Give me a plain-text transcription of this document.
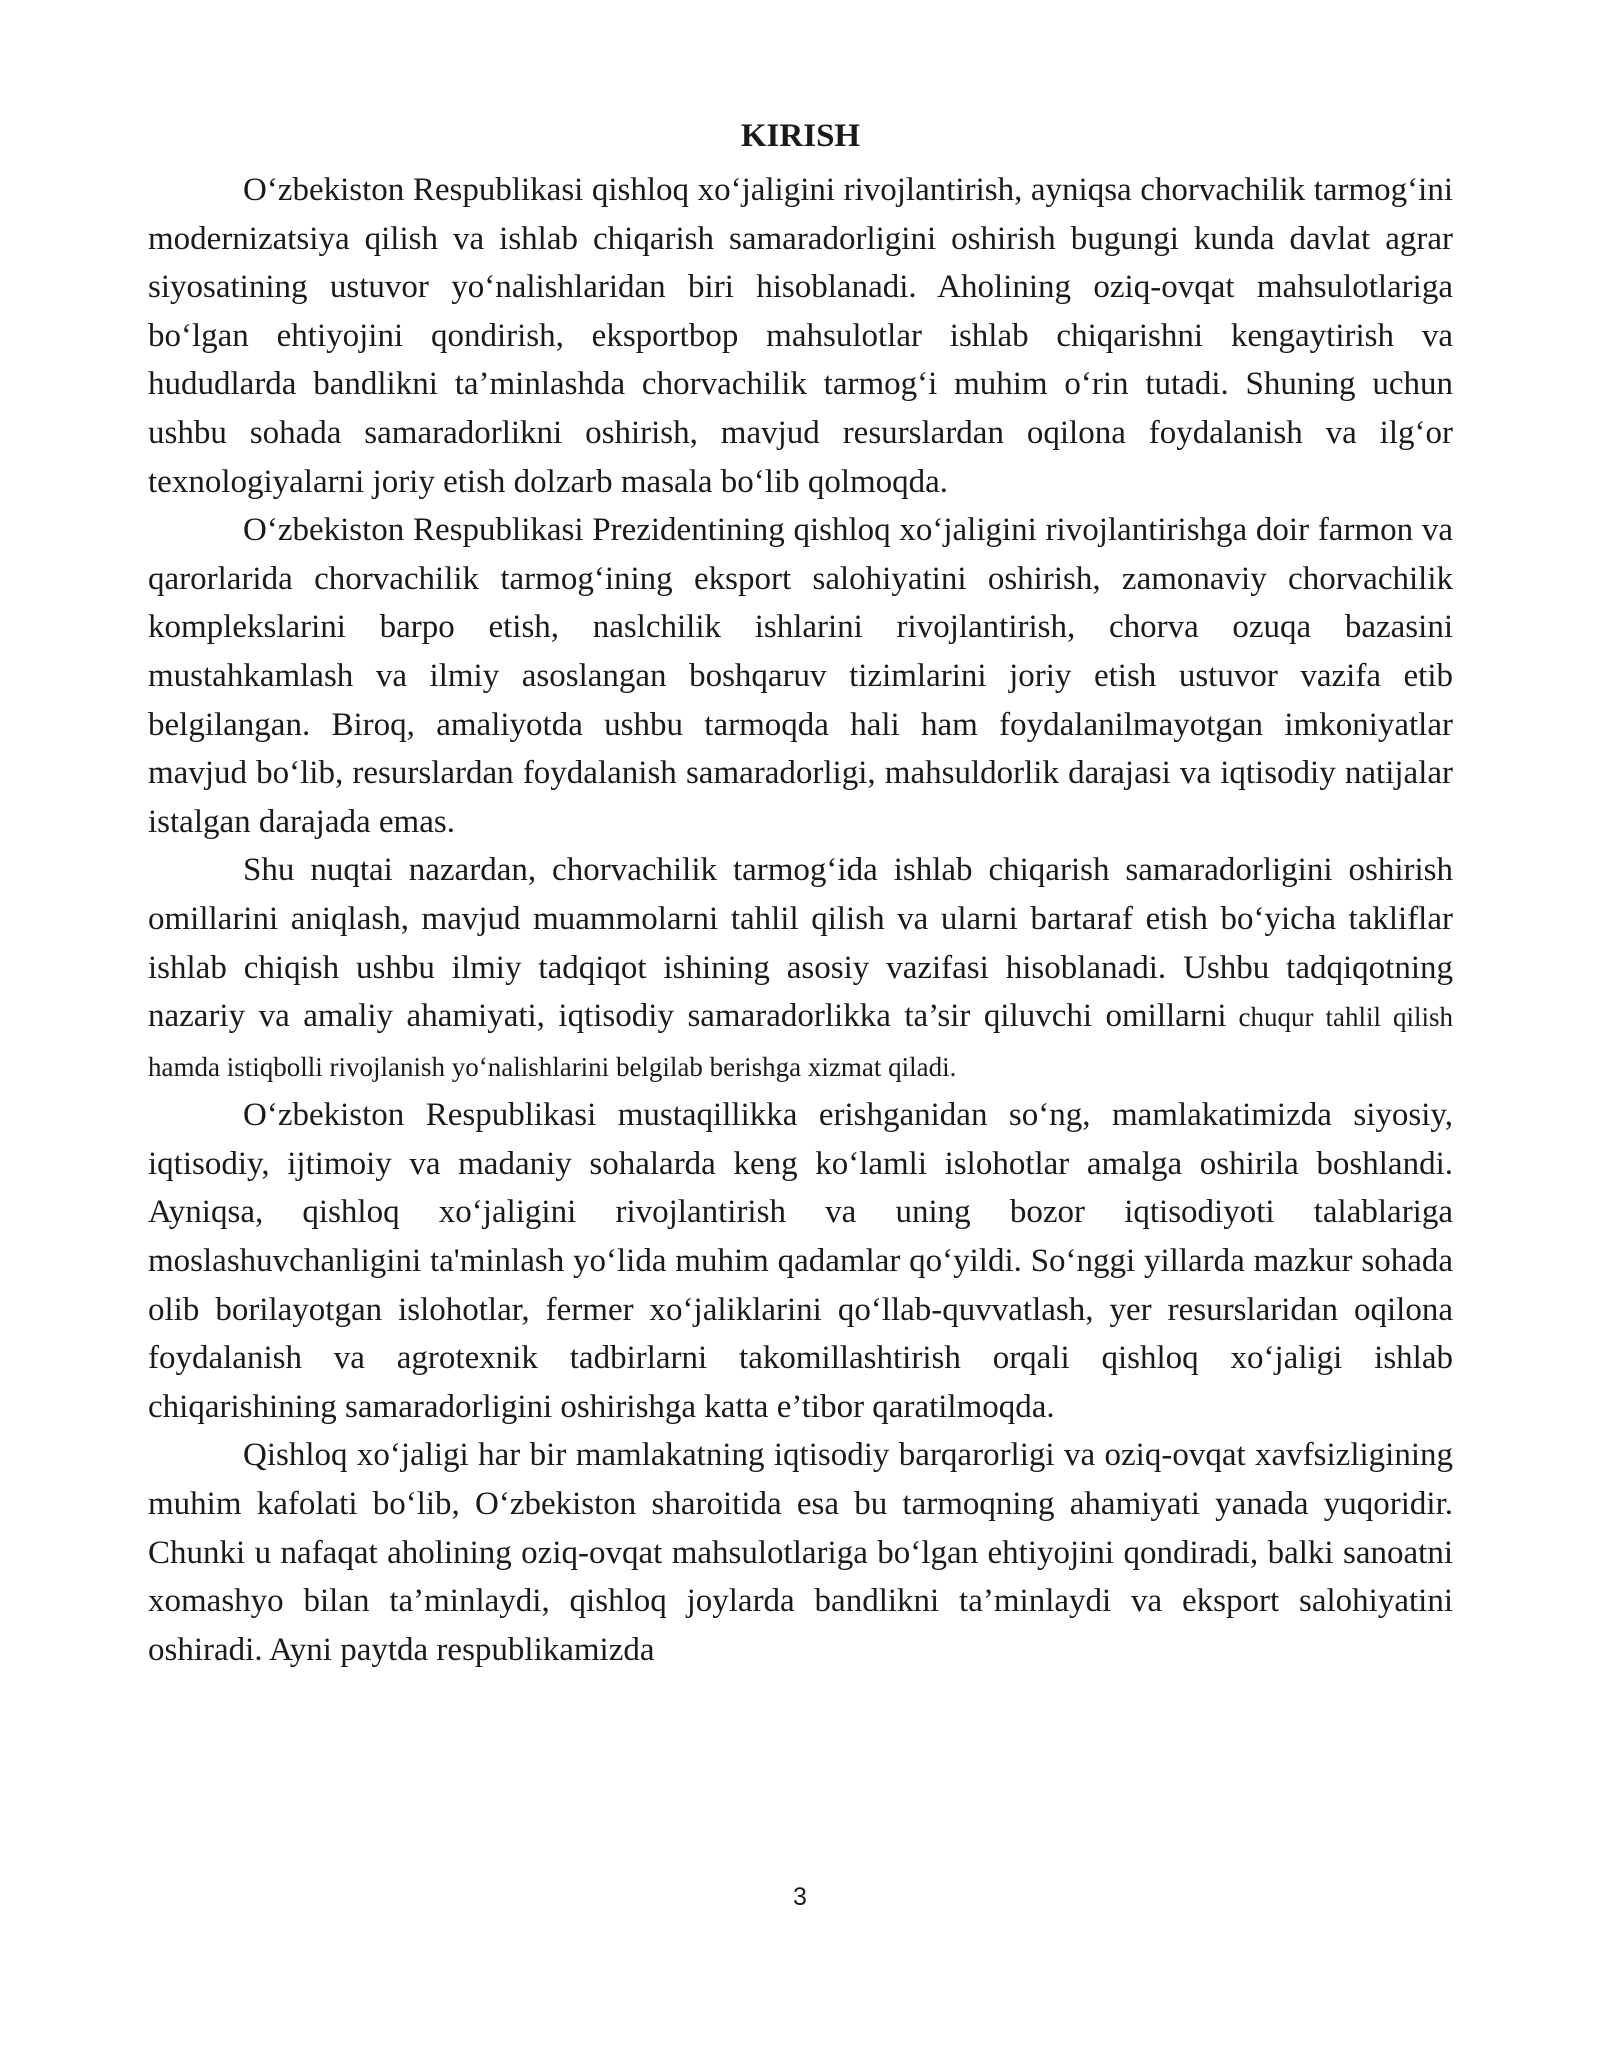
KIRISH

O‘zbekiston Respublikasi qishloq xo‘jaligini rivojlantirish, ayniqsa chorvachilik tarmog‘ini modernizatsiya qilish va ishlab chiqarish samaradorligini oshirish bugungi kunda davlat agrar siyosatining ustuvor yo‘nalishlaridan biri hisoblanadi. Aholining oziq-ovqat mahsulotlariga bo‘lgan ehtiyojini qondirish, eksportbop mahsulotlar ishlab chiqarishni kengaytirish va hududlarda bandlikni ta’minlashda chorvachilik tarmog‘i muhim o‘rin tutadi. Shuning uchun ushbu sohada samaradorlikni oshirish, mavjud resurslardan oqilona foydalanish va ilg‘or texnologiyalarni joriy etish dolzarb masala bo‘lib qolmoqda.

O‘zbekiston Respublikasi Prezidentining qishloq xo‘jaligini rivojlantirishga doir farmon va qarorlarida chorvachilik tarmog‘ining eksport salohiyatini oshirish, zamonaviy chorvachilik komplekslarini barpo etish, naslchilik ishlarini rivojlantirish, chorva ozuqa bazasini mustahkamlash va ilmiy asoslangan boshqaruv tizimlarini joriy etish ustuvor vazifa etib belgilangan. Biroq, amaliyotda ushbu tarmoqda hali ham foydalanilmayotgan imkoniyatlar mavjud bo‘lib, resurslardan foydalanish samaradorligi, mahsuldorlik darajasi va iqtisodiy natijalar istalgan darajada emas.

Shu nuqtai nazardan, chorvachilik tarmog‘ida ishlab chiqarish samaradorligini oshirish omillarini aniqlash, mavjud muammolarni tahlil qilish va ularni bartaraf etish bo‘yicha takliflar ishlab chiqish ushbu ilmiy tadqiqot ishining asosiy vazifasi hisoblanadi. Ushbu tadqiqotning nazariy va amaliy ahamiyati, iqtisodiy samaradorlikka ta’sir qiluvchi omillarni chuqur tahlil qilish hamda istiqbolli rivojlanish yo‘nalishlarini belgilab berishga xizmat qiladi.

O‘zbekiston Respublikasi mustaqillikka erishganidan so‘ng, mamlakatimizda siyosiy, iqtisodiy, ijtimoiy va madaniy sohalarda keng ko‘lamli islohotlar amalga oshirila boshlandi. Ayniqsa, qishloq xo‘jaligini rivojlantirish va uning bozor iqtisodiyoti talablariga moslashuvchanligini ta'minlash yo‘lida muhim qadamlar qo‘yildi. So‘nggi yillarda mazkur sohada olib borilayotgan islohotlar, fermer xo‘jaliklarini qo‘llab-quvvatlash, yer resurslaridan oqilona foydalanish va agrotexnik tadbirlarni takomillashtirish orqali qishloq xo‘jaligi ishlab chiqarishining samaradorligini oshirishga katta e’tibor qaratilmoqda.

Qishloq xo‘jaligi har bir mamlakatning iqtisodiy barqarorligi va oziq-ovqat xavfsizligining muhim kafolati bo‘lib, O‘zbekiston sharoitida esa bu tarmoqning ahamiyati yanada yuqoridir. Chunki u nafaqat aholining oziq-ovqat mahsulotlariga bo‘lgan ehtiyojini qondiradi, balki sanoatni xomashyo bilan ta’minlaydi, qishloq joylarda bandlikni ta’minlaydi va eksport salohiyatini oshiradi. Ayni paytda respublikamizda

3
